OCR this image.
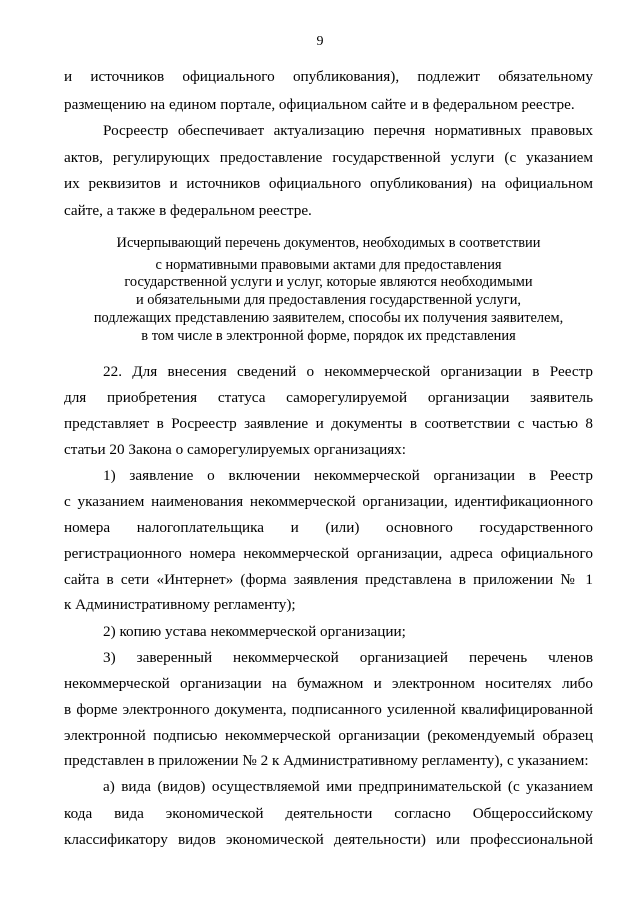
9
и источников официального опубликования), подлежит обязательному
размещению на едином портале, официальном сайте и в федеральном реестре.
Росреестр обеспечивает актуализацию перечня нормативных правовых
актов, регулирующих предоставление государственной услуги (с указанием
их реквизитов и источников официального опубликования) на официальном
сайте, а также в федеральном реестре.
Исчерпывающий перечень документов, необходимых в соответствии
с нормативными правовыми актами для предоставления
государственной услуги и услуг, которые являются необходимыми
и обязательными для предоставления государственной услуги,
подлежащих представлению заявителем, способы их получения заявителем,
в том числе в электронной форме, порядок их представления
22. Для внесения сведений о некоммерческой организации в Реестр
для приобретения статуса саморегулируемой организации заявитель
представляет в Росреестр заявление и документы в соответствии с частью 8
статьи 20 Закона о саморегулируемых организациях:
1) заявление о включении некоммерческой организации в Реестр
с указанием наименования некоммерческой организации, идентификационного
номера налогоплательщика и (или) основного государственного
регистрационного номера некоммерческой организации, адреса официального
сайта в сети «Интернет» (форма заявления представлена в приложении № 1
к Административному регламенту);
2) копию устава некоммерческой организации;
3) заверенный некоммерческой организацией перечень членов
некоммерческой организации на бумажном и электронном носителях либо
в форме электронного документа, подписанного усиленной квалифицированной
электронной подписью некоммерческой организации (рекомендуемый образец
представлен в приложении № 2 к Административному регламенту), с указанием:
а) вида (видов) осуществляемой ими предпринимательской (с указанием
кода вида экономической деятельности согласно Общероссийскому
классификатору видов экономической деятельности) или профессиональной
